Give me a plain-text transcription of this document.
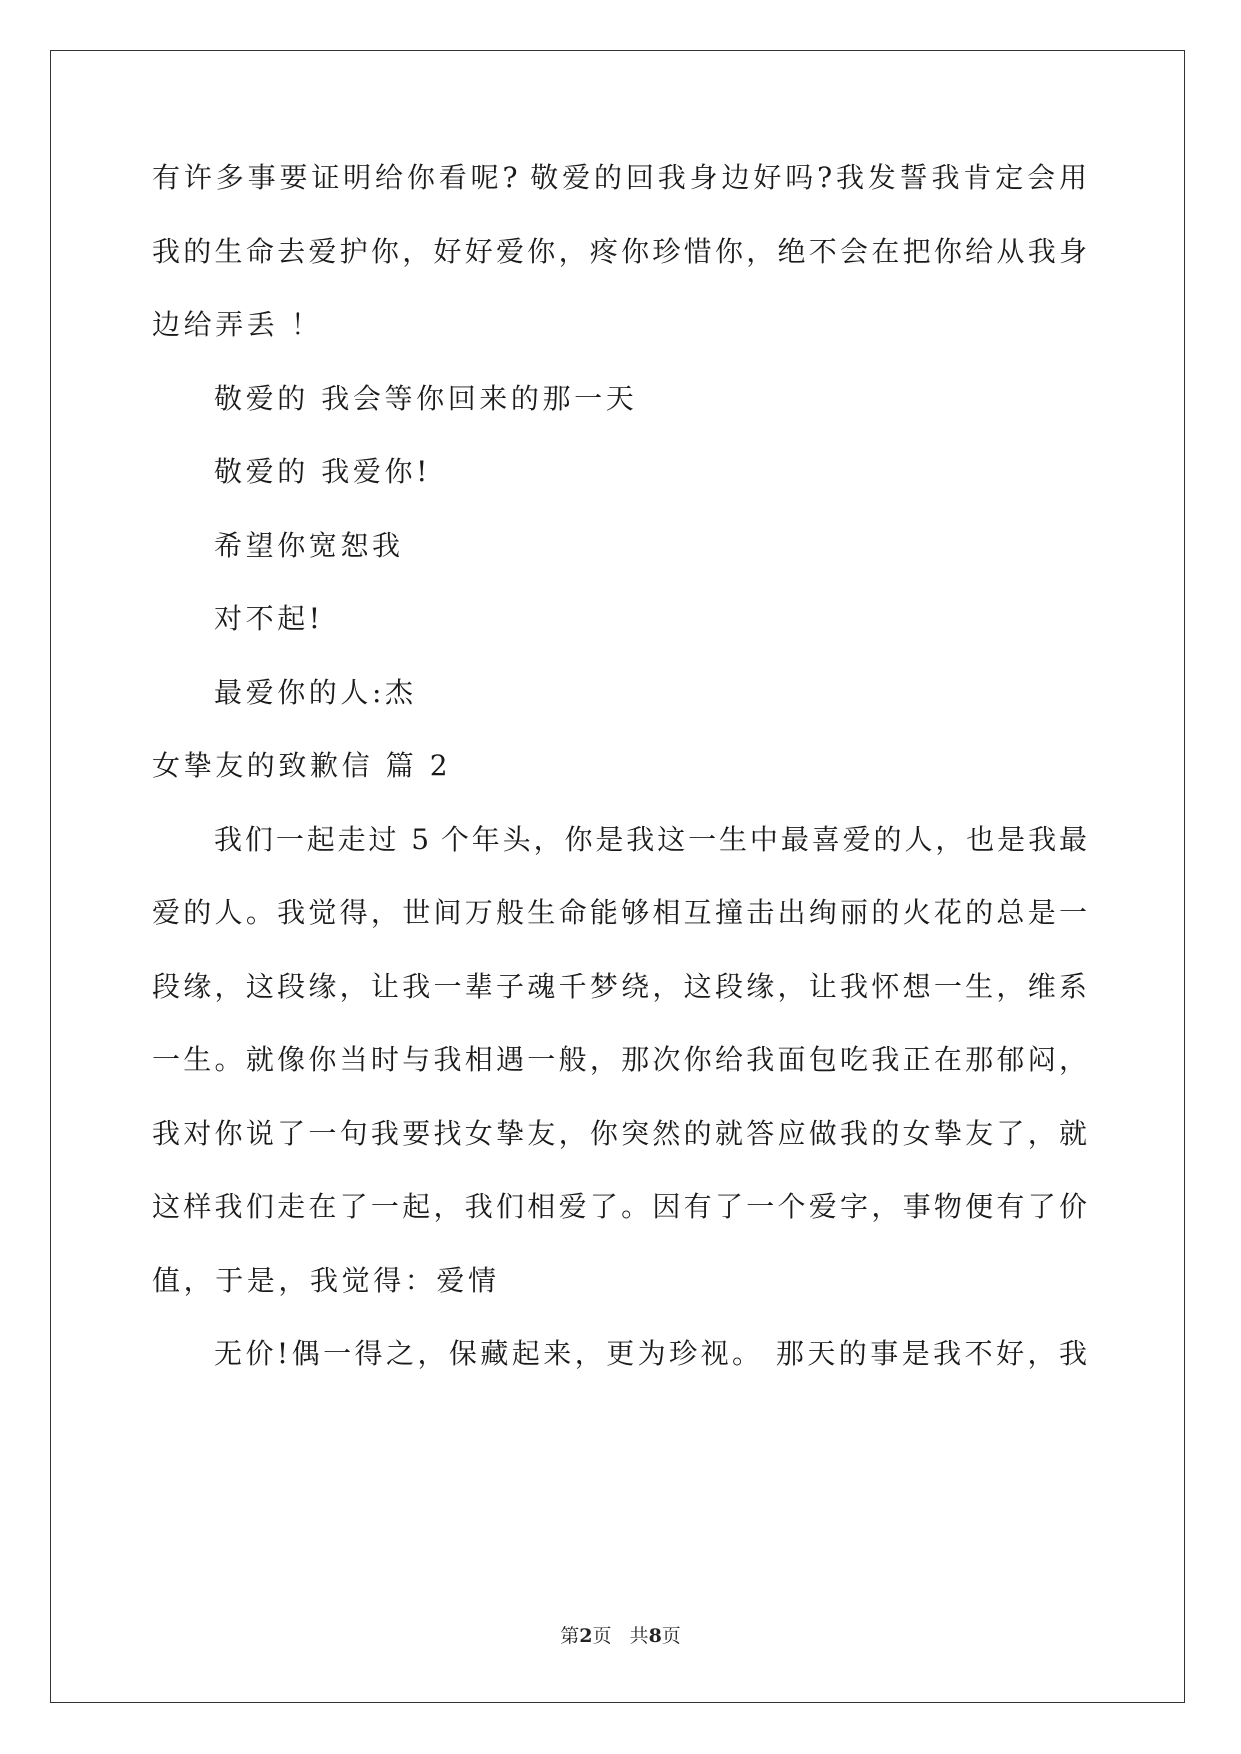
有许多事要证明给你看呢? 敬爱的回我身边好吗?我发誓我肯定会用
我的生命去爱护你，好好爱你，疼你珍惜你，绝不会在把你给从我身
边给弄丢 ！
敬爱的 我会等你回来的那一天
敬爱的 我爱你!
希望你宽恕我
对不起!
最爱你的人:杰
女挚友的致歉信 篇 2
我们一起走过 5 个年头，你是我这一生中最喜爱的人，也是我最
爱的人。我觉得，世间万般生命能够相互撞击出绚丽的火花的总是一
段缘，这段缘，让我一辈子魂千梦绕，这段缘，让我怀想一生，维系
一生。就像你当时与我相遇一般，那次你给我面包吃我正在那郁闷，
我对你说了一句我要找女挚友，你突然的就答应做我的女挚友了，就
这样我们走在了一起，我们相爱了。因有了一个爱字，事物便有了价
值，于是，我觉得：爱情
无价!偶一得之，保藏起来，更为珍视。 那天的事是我不好，我
第2页   共8页
